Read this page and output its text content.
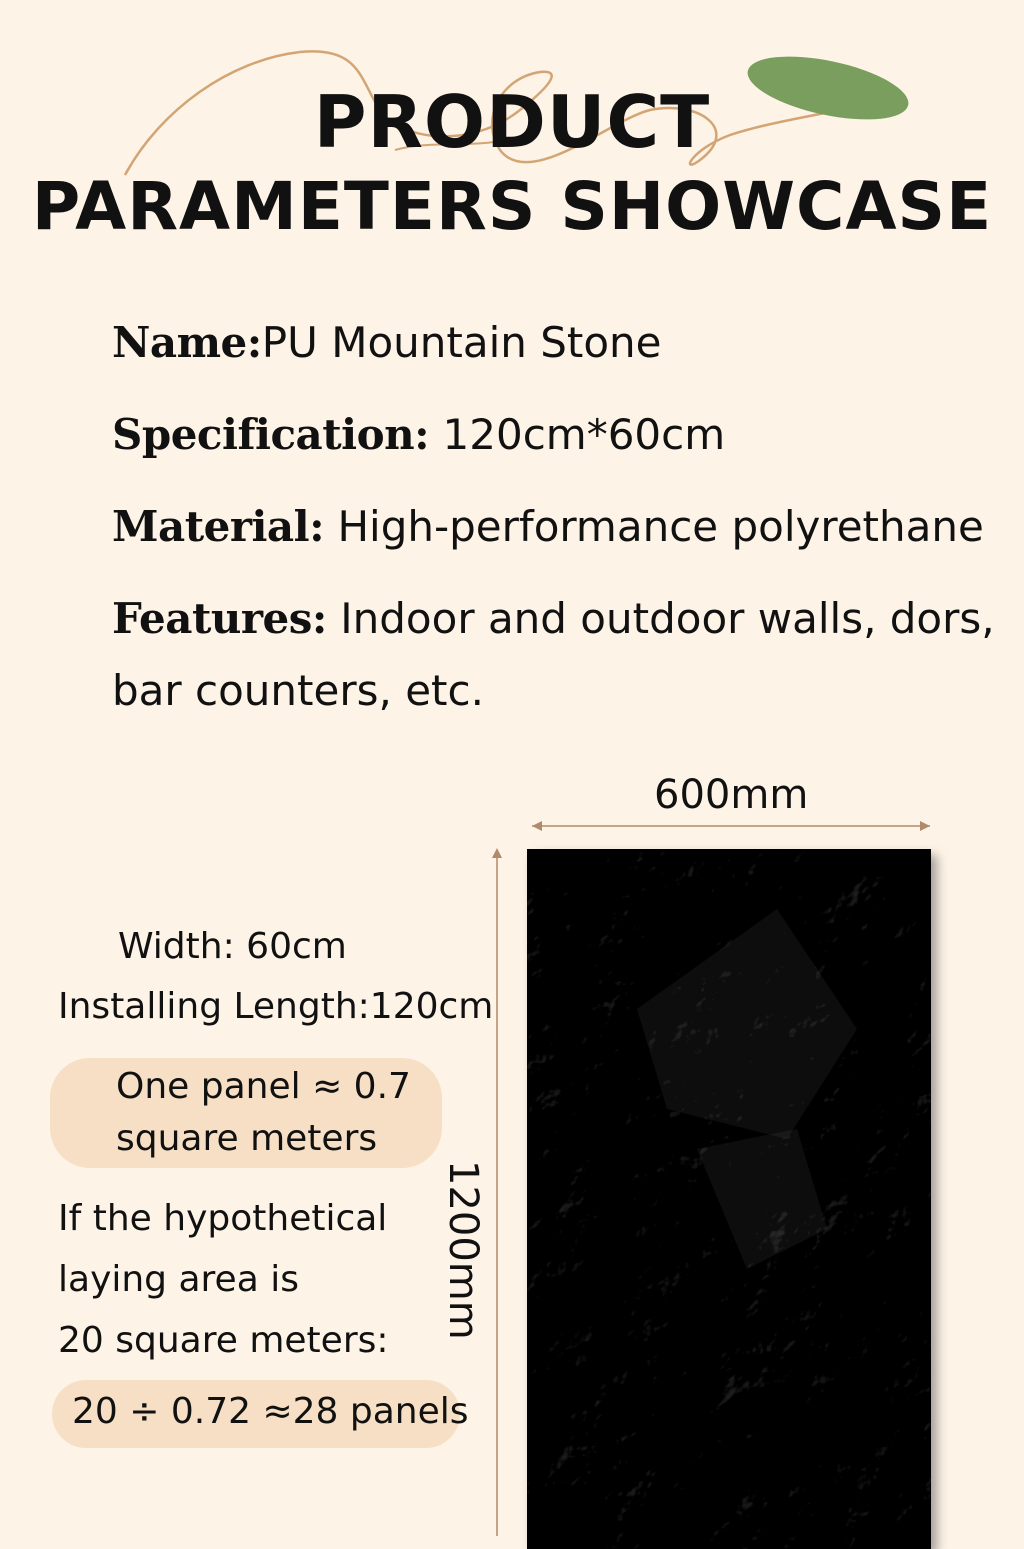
PRODUCT
PARAMETERS SHOWCASE
Name:PU Mountain Stone
Specification: 120cm*60cm
Material: High-performance polyrethane
Features: Indoor and outdoor walls, dors,
bar counters, etc.
600mm
1200mm
Width: 60cm
Installing Length:120cm
One panel ≈ 0.7
square meters
If the hypothetical
laying area is
20 square meters:
20 ÷ 0.72 ≈28 panels
